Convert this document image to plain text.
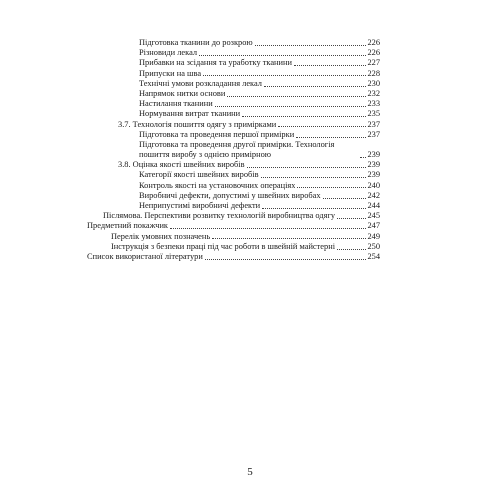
Підготовка тканини до розкрою	226
Різновиди лекал	226
Прибавки на зсідання та уработку тканини	227
Припуски на шва	228
Технічні умови розкладання лекал	230
Напрямок нитки основи	232
Настилання тканини	233
Нормування витрат тканини	235
3.7. Технологія пошиття одягу з примірками	237
Підготовка та проведення першої примірки	237
Підготовка та проведення другої примірки. Технологія пошиття виробу з однією примірною	239
3.8. Оцінка якості швейних виробів	239
Категорії якості швейних виробів	239
Контроль якості на установочних операціях	240
Виробничі дефекти, допустимі у швейних виробах	242
Неприпустимі виробничі дефекти	244
Післямова. Перспективи розвитку технологій виробництва одягу	245
Предметний покажчик	247
Перелік умовних позначень	249
Інструкція з безпеки праці під час роботи в швейній майстерні	250
Список використаної літератури	254
5
